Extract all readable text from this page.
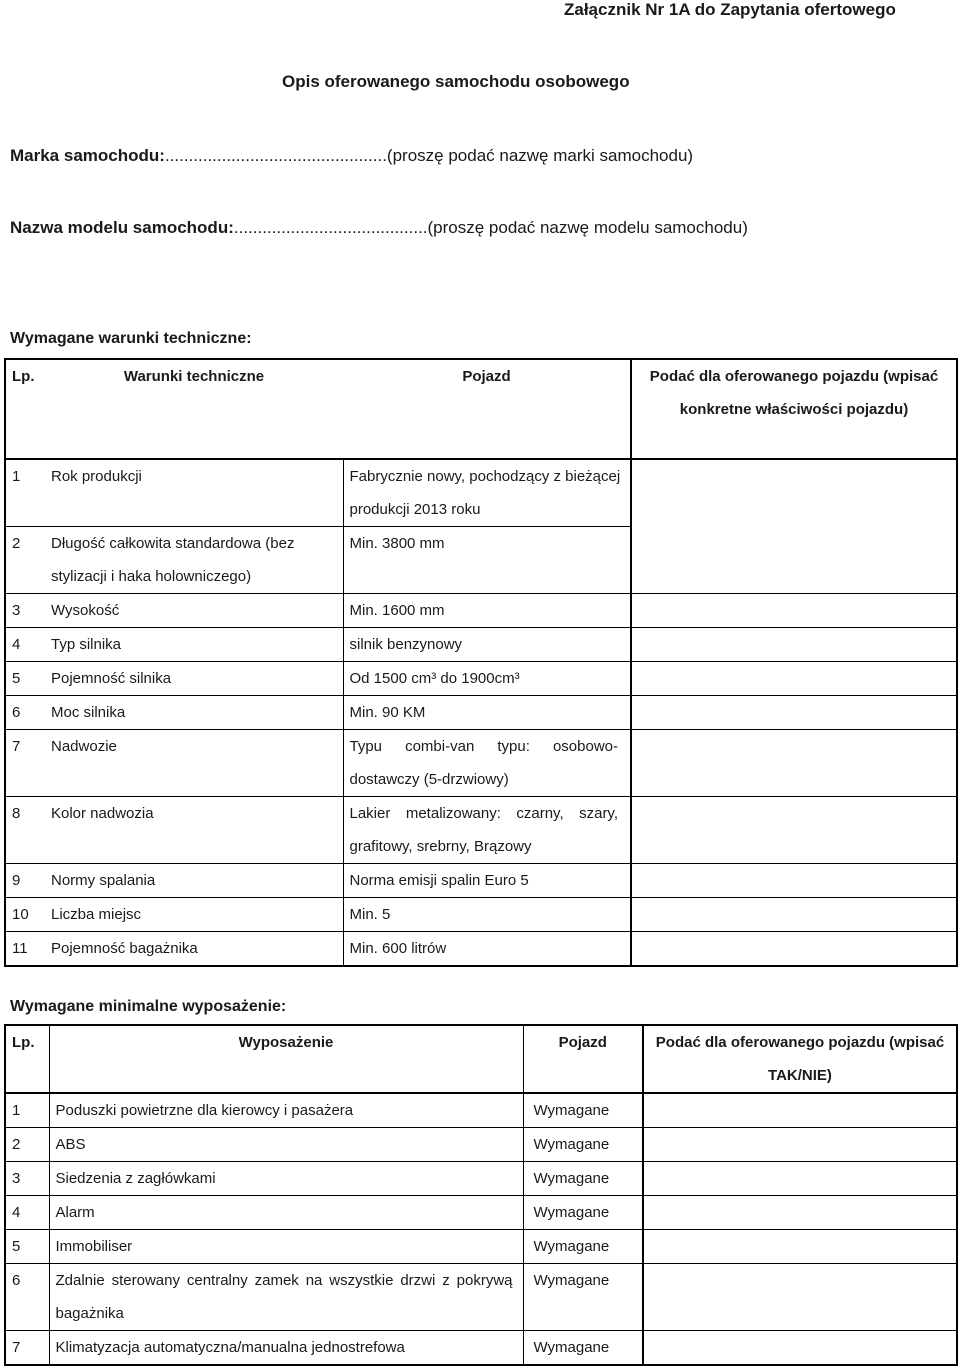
Załącznik Nr 1A do Zapytania ofertowego
Opis oferowanego samochodu osobowego
Marka samochodu:...............................................(proszę podać nazwę marki samochodu)
Nazwa modelu samochodu:.........................................(proszę podać nazwę modelu samochodu)
Wymagane warunki techniczne:
Lp.	Warunki techniczne	Pojazd	Podać dla oferowanego pojazdu (wpisać konkretne właściwości pojazdu)
1	Rok produkcji	Fabrycznie nowy, pochodzący z bieżącej produkcji 2013 roku	
2	Długość całkowita standardowa (bez stylizacji i haka holowniczego)	Min. 3800 mm	
3	Wysokość	Min. 1600 mm	
4	Typ silnika	silnik benzynowy	
5	Pojemność silnika	Od 1500 cm³ do 1900cm³	
6	Moc silnika	Min. 90 KM	
7	Nadwozie	Typu combi-van typu: osobowo-dostawczy (5-drzwiowy)	
8	Kolor nadwozia	Lakier metalizowany: czarny, szary, grafitowy, srebrny, Brązowy	
9	Normy spalania	Norma emisji spalin Euro 5	
10	Liczba miejsc	Min. 5	
11	Pojemność bagażnika	Min. 600 litrów	
Wymagane minimalne wyposażenie:
Lp.	Wyposażenie	Pojazd	Podać dla oferowanego pojazdu (wpisać TAK/NIE)
1	Poduszki powietrzne dla kierowcy i pasażera	Wymagane	
2	ABS	Wymagane	
3	Siedzenia z zagłówkami	Wymagane	
4	Alarm	Wymagane	
5	Immobiliser	Wymagane	
6	Zdalnie sterowany centralny zamek na wszystkie drzwi z pokrywą bagażnika	Wymagane	
7	Klimatyzacja automatyczna/manualna jednostrefowa	Wymagane	
